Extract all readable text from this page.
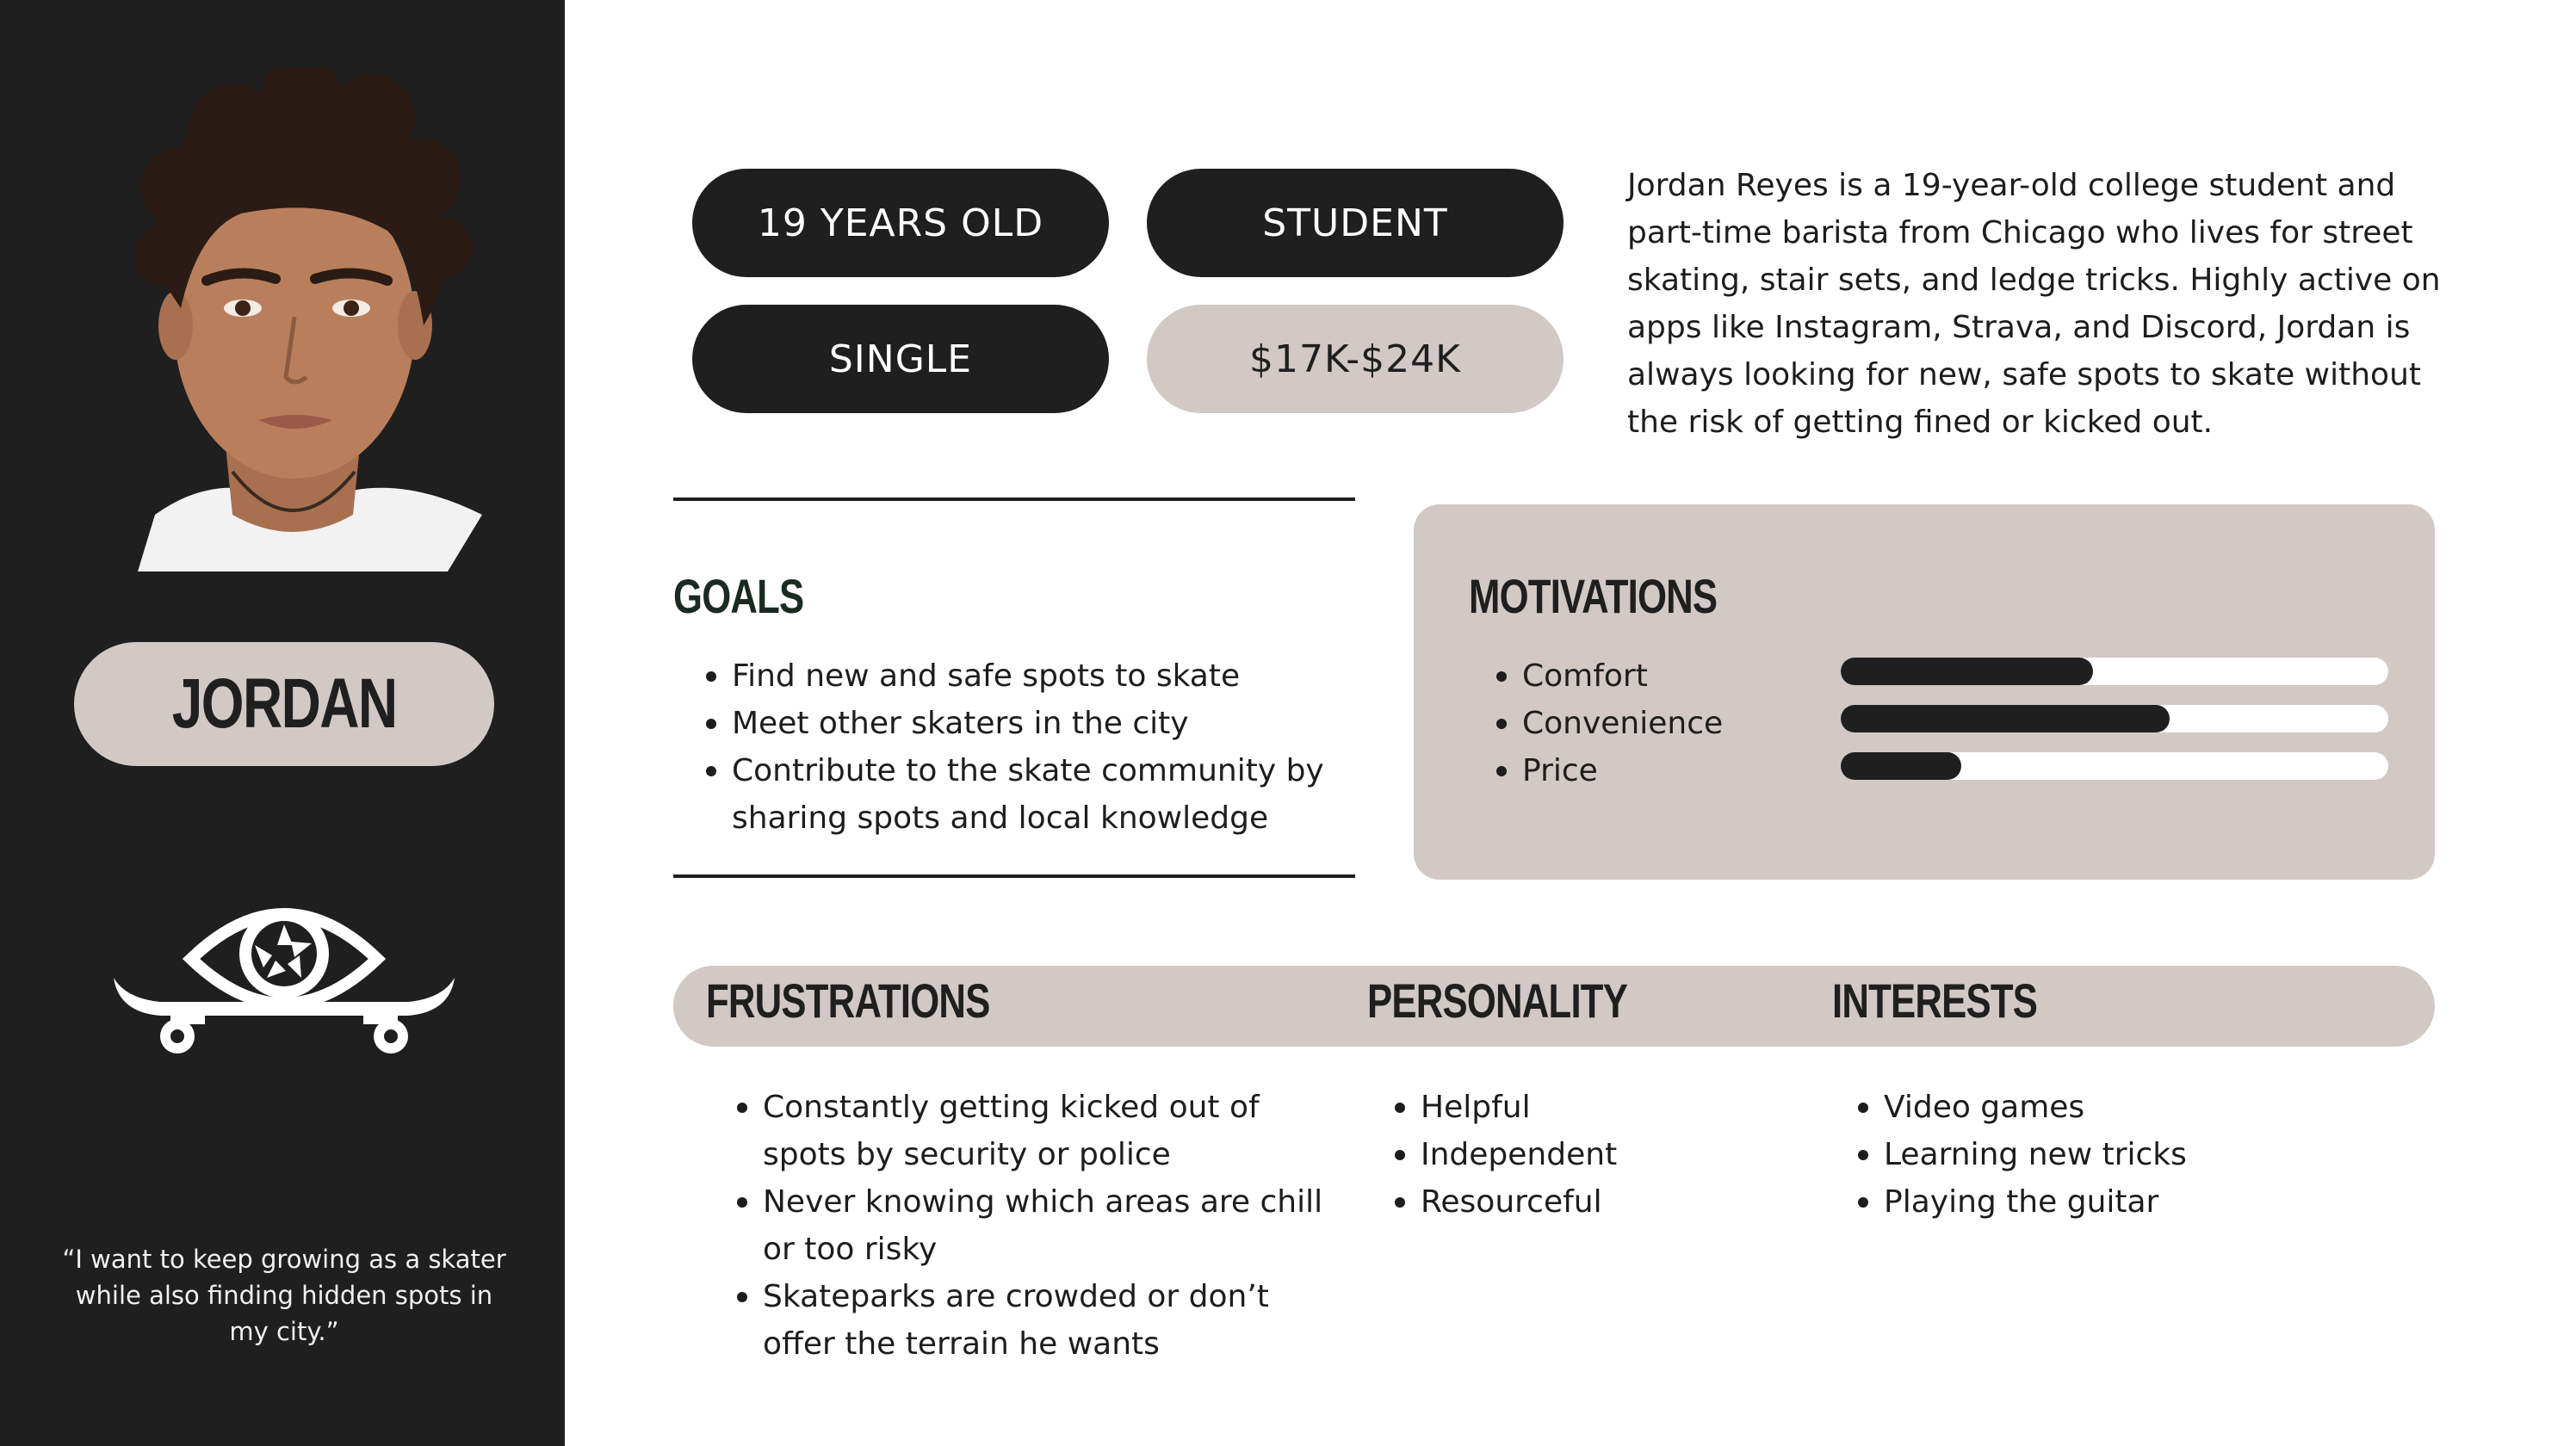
JORDAN
“I want to keep growing as a skater while also finding hidden spots in my city.”
19 YEARS OLD	STUDENT
SINGLE	$17K-$24K
Jordan Reyes is a 19-year-old college student and part-time barista from Chicago who lives for street skating, stair sets, and ledge tricks. Highly active on apps like Instagram, Strava, and Discord, Jordan is always looking for new, safe spots to skate without the risk of getting fined or kicked out.
GOALS
Find new and safe spots to skate
Meet other skaters in the city
Contribute to the skate community by sharing spots and local knowledge
MOTIVATIONS
Comfort
Convenience
Price
FRUSTRATIONS	PERSONALITY	INTERESTS
Constantly getting kicked out of spots by security or police
Never knowing which areas are chill or too risky
Skateparks are crowded or don’t offer the terrain he wants
Helpful
Independent
Resourceful
Video games
Learning new tricks
Playing the guitar
